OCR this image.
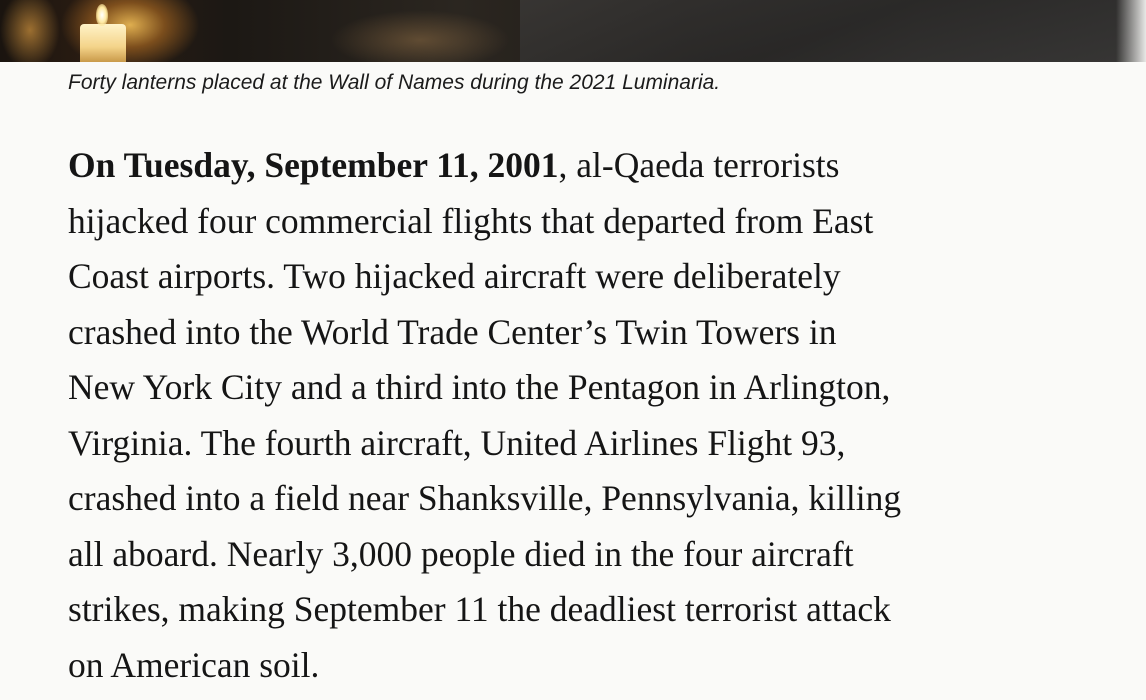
Forty lanterns placed at the Wall of Names during the 2021 Luminaria.
On Tuesday, September 11, 2001, al-Qaeda terrorists
hijacked four commercial flights that departed from East
Coast airports. Two hijacked aircraft were deliberately
crashed into the World Trade Center’s Twin Towers in
New York City and a third into the Pentagon in Arlington,
Virginia. The fourth aircraft, United Airlines Flight 93,
crashed into a field near Shanksville, Pennsylvania, killing
all aboard. Nearly 3,000 people died in the four aircraft
strikes, making September 11 the deadliest terrorist attack
on American soil.
